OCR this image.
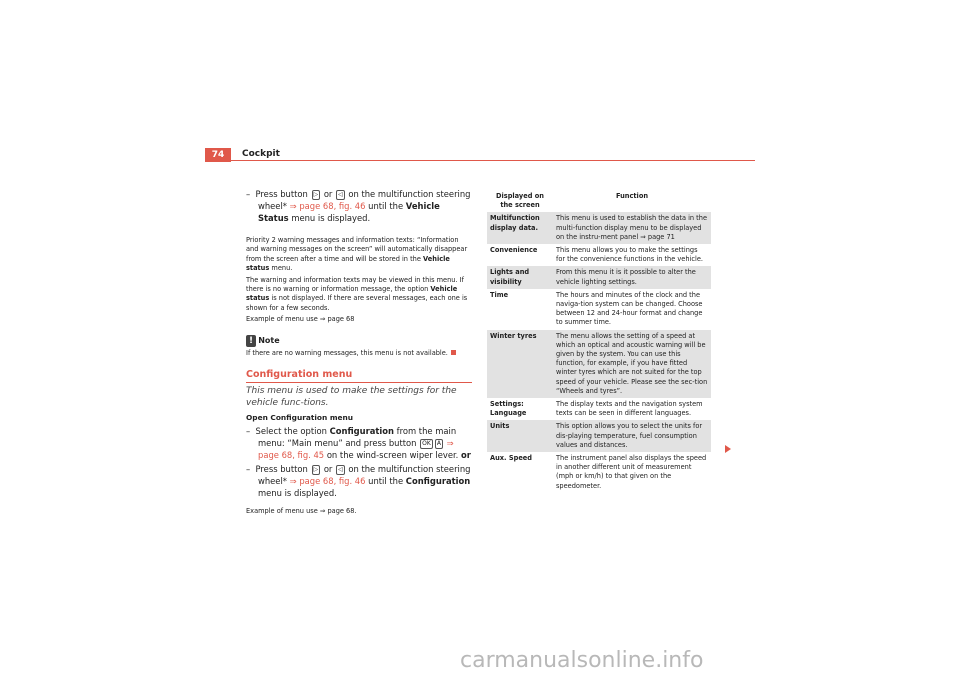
74	Cockpit

– Press button ▷ or ◁ on the multifunction steering wheel* ⇒ page 68, fig. 46 until the Vehicle Status menu is displayed.

Priority 2 warning messages and information texts: “Information and warning messages on the screen” will automatically disappear from the screen after a time and will be stored in the Vehicle status menu.

The warning and information texts may be viewed in this menu. If there is no warning or information message, the option Vehicle status is not displayed. If there are several messages, each one is shown for a few seconds.

Example of menu use ⇒ page 68

! Note

If there are no warning messages, this menu is not available.

Configuration menu

This menu is used to make the settings for the vehicle func-tions.

Open Configuration menu

– Select the option Configuration from the main menu: “Main menu” and press button OK A ⇒ page 68, fig. 45 on the wind-screen wiper lever. or

– Press button ▷ or ◁ on the multifunction steering wheel* ⇒ page 68, fig. 46 until the Configuration menu is displayed.

Example of menu use ⇒ page 68.

Displayed on the screen	Function
Multifunction display data.	This menu is used to establish the data in the multi-function display menu to be displayed on the instru-ment panel ⇒ page 71
Convenience	This menu allows you to make the settings for the convenience functions in the vehicle.
Lights and visibility	From this menu it is it possible to alter the vehicle lighting settings.
Time	The hours and minutes of the clock and the naviga-tion system can be changed. Choose between 12 and 24-hour format and change to summer time.
Winter tyres	The menu allows the setting of a speed at which an optical and acoustic warning will be given by the system. You can use this function, for example, if you have fitted winter tyres which are not suited for the top speed of your vehicle. Please see the sec-tion “Wheels and tyres”.
Settings: Language	The display texts and the navigation system texts can be seen in different languages.
Units	This option allows you to select the units for dis-playing temperature, fuel consumption values and distances.
Aux. Speed	The instrument panel also displays the speed in another different unit of measurement (mph or km/h) to that given on the speedometer.
carmanualsonline.info
